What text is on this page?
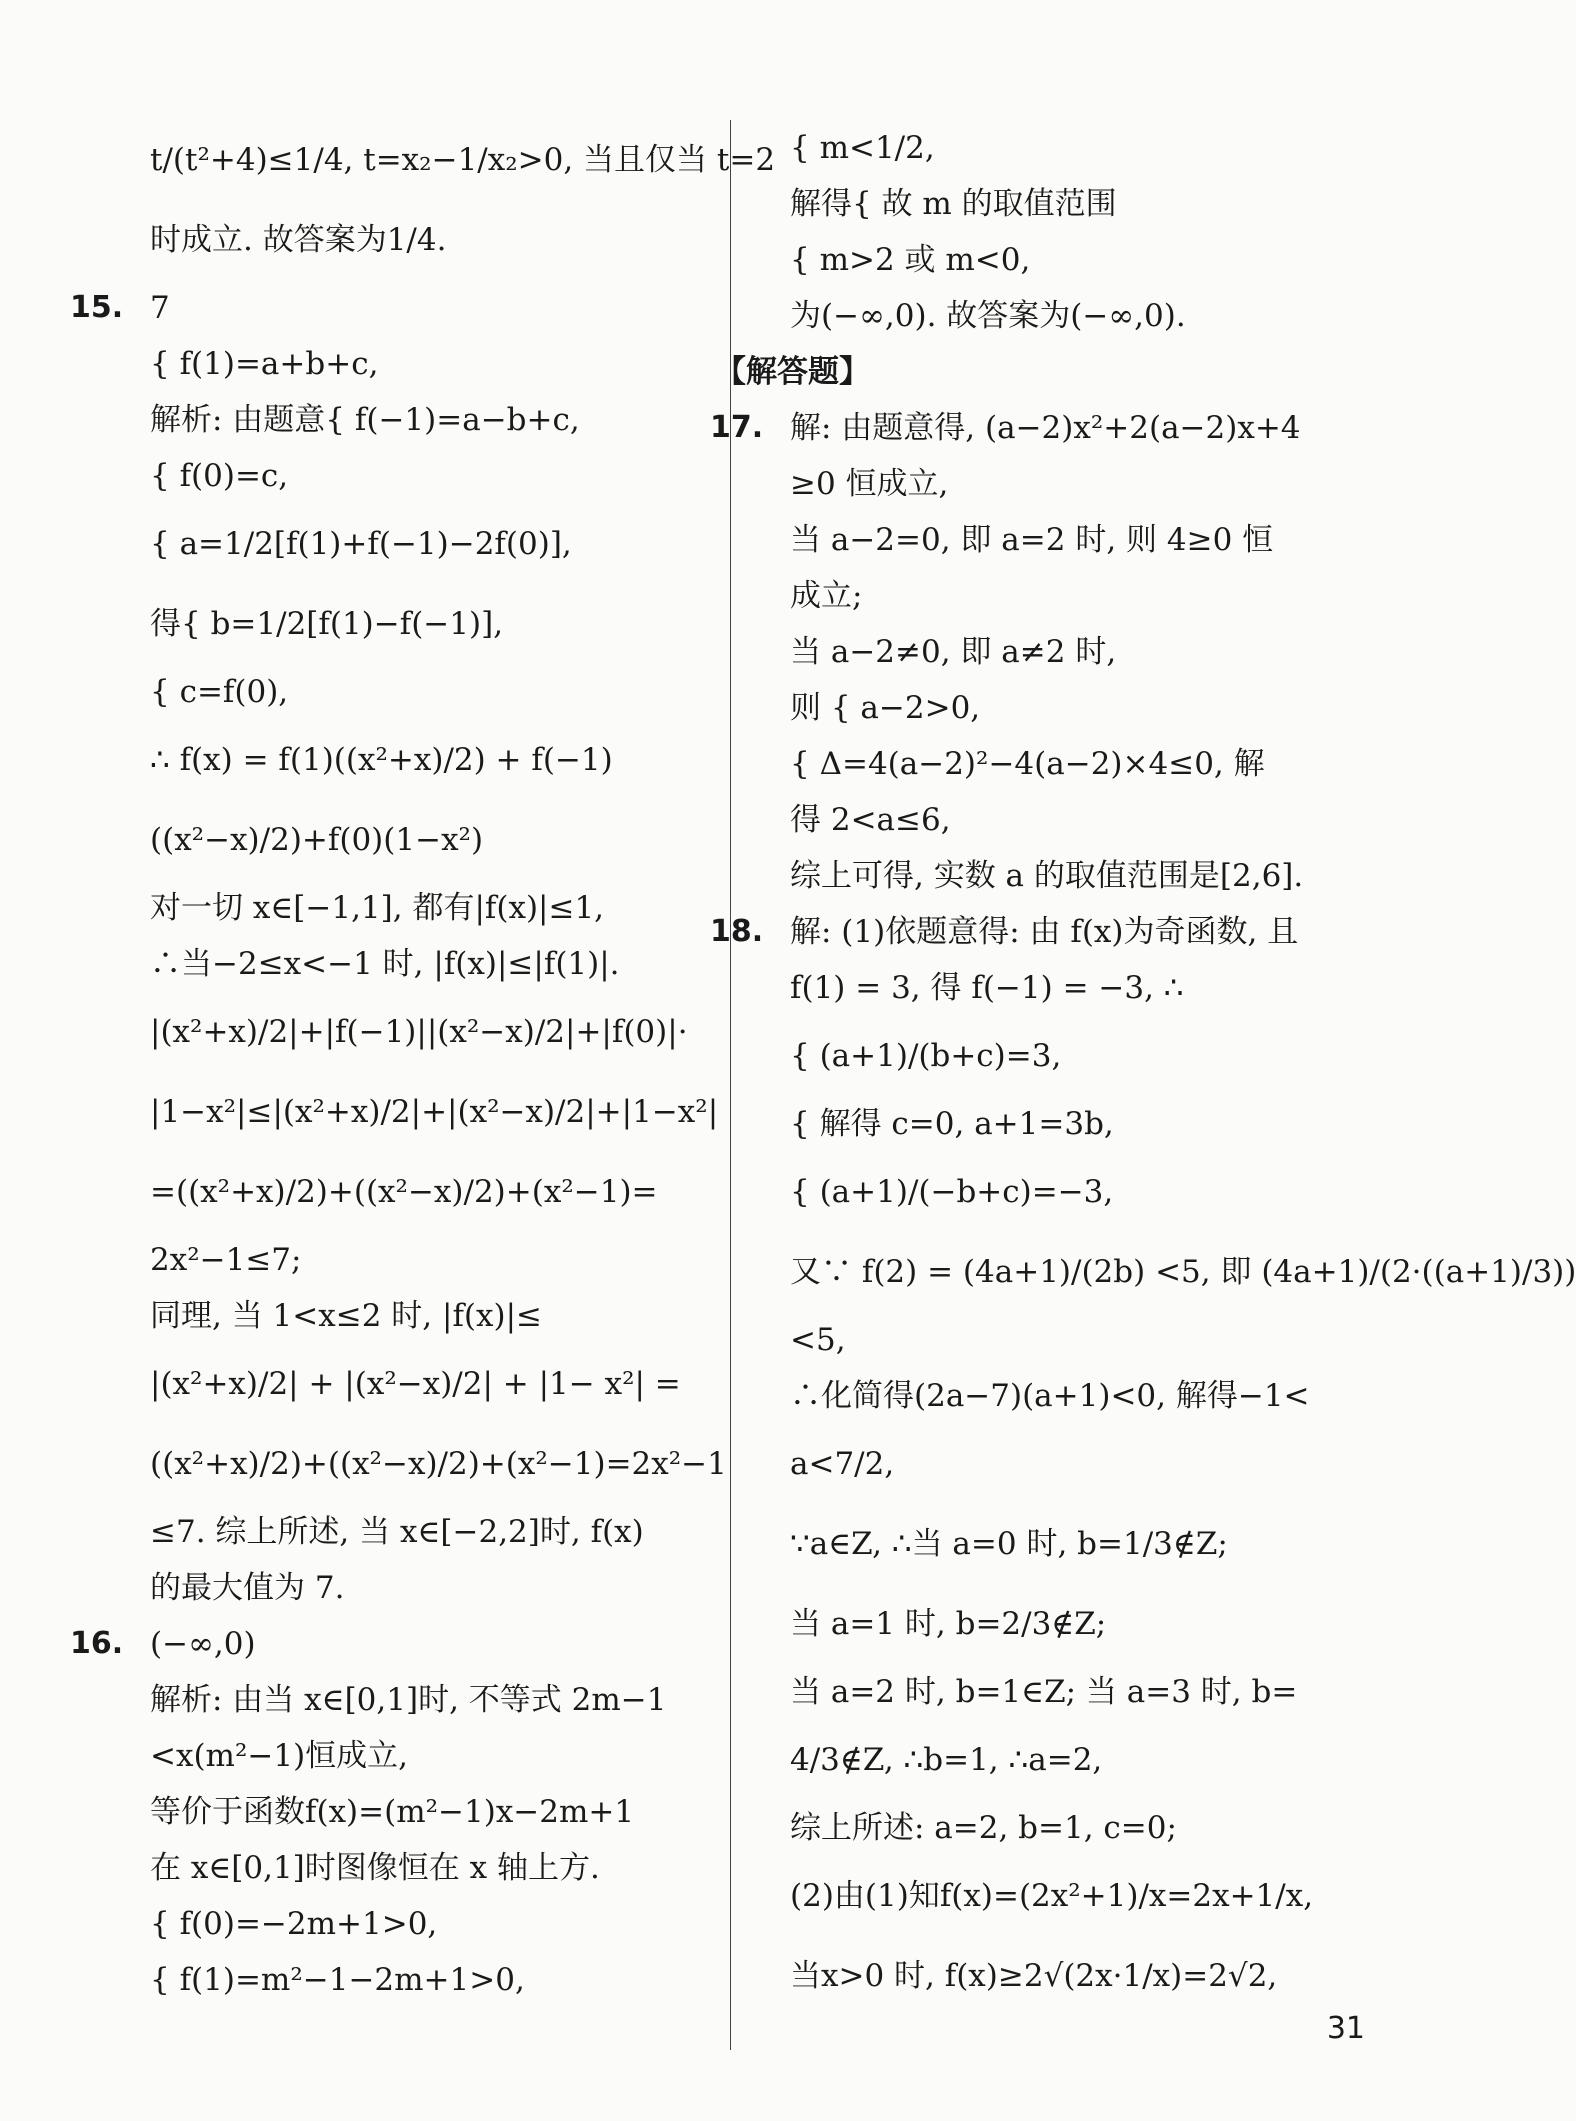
t/(t²+4)≤1/4, t=x₂−1/x₂>0, 当且仅当 t=2
时成立. 故答案为1/4.
15. 7
{ f(1)=a+b+c,
解析: 由题意{ f(−1)=a−b+c,
{ f(0)=c,
{ a=1/2[f(1)+f(−1)−2f(0)],
得{ b=1/2[f(1)−f(−1)],
{ c=f(0),
∴ f(x) = f(1)((x²+x)/2) + f(−1)
((x²−x)/2)+f(0)(1−x²)
对一切 x∈[−1,1], 都有|f(x)|≤1,
∴当−2≤x<−1 时, |f(x)|≤|f(1)|.
|(x²+x)/2|+|f(−1)||(x²−x)/2|+|f(0)|·
|1−x²|≤|(x²+x)/2|+|(x²−x)/2|+|1−x²|
=((x²+x)/2)+((x²−x)/2)+(x²−1)=
2x²−1≤7;
同理, 当 1<x≤2 时, |f(x)|≤
|(x²+x)/2| + |(x²−x)/2| + |1− x²| =
((x²+x)/2)+((x²−x)/2)+(x²−1)=2x²−1
≤7. 综上所述, 当 x∈[−2,2]时, f(x)
的最大值为 7.
16. (−∞,0)
解析: 由当 x∈[0,1]时, 不等式 2m−1
<x(m²−1)恒成立,
等价于函数f(x)=(m²−1)x−2m+1
在 x∈[0,1]时图像恒在 x 轴上方.
{ f(0)=−2m+1>0,
{ f(1)=m²−1−2m+1>0,
{ m<1/2,
解得{ 故 m 的取值范围
{ m>2 或 m<0,
为(−∞,0). 故答案为(−∞,0).
【解答题】
17. 解: 由题意得, (a−2)x²+2(a−2)x+4
≥0 恒成立,
当 a−2=0, 即 a=2 时, 则 4≥0 恒
成立;
当 a−2≠0, 即 a≠2 时,
则 { a−2>0,
{ Δ=4(a−2)²−4(a−2)×4≤0, 解
得 2<a≤6,
综上可得, 实数 a 的取值范围是[2,6].
18. 解: (1)依题意得: 由 f(x)为奇函数, 且
f(1) = 3, 得 f(−1) = −3, ∴
{ (a+1)/(b+c)=3,
{ 解得 c=0, a+1=3b,
{ (a+1)/(−b+c)=−3,
又∵ f(2) = (4a+1)/(2b) <5, 即 (4a+1)/(2·((a+1)/3))
<5,
∴化简得(2a−7)(a+1)<0, 解得−1<
a<7/2,
∵a∈Z, ∴当 a=0 时, b=1/3∉Z;
当 a=1 时, b=2/3∉Z;
当 a=2 时, b=1∈Z; 当 a=3 时, b=
4/3∉Z, ∴b=1, ∴a=2,
综上所述: a=2, b=1, c=0;
(2)由(1)知f(x)=(2x²+1)/x=2x+1/x,
当x>0 时, f(x)≥2√(2x·1/x)=2√2,
31
